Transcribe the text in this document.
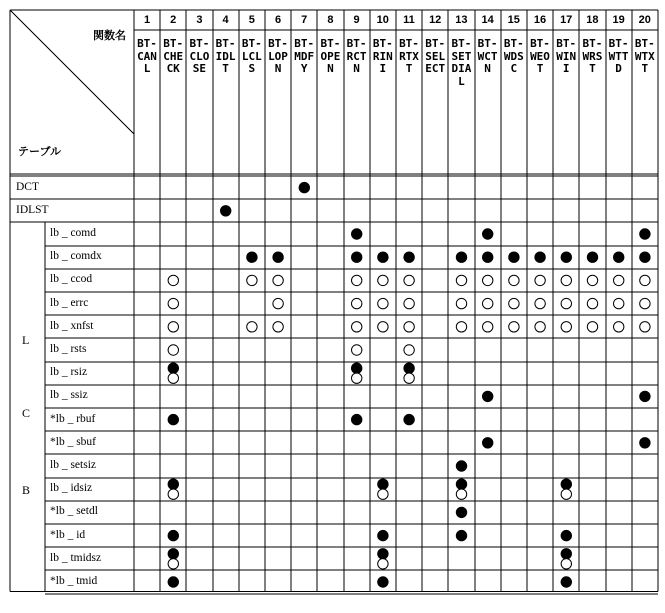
関数名
テーブル
L
C
B
1
BT-CANL
2
BT-CHECK
3
BT-CLOSE
4
BT-IDLT
5
BT-LCLS
6
BT-LOPN
7
BT-MDFY
8
BT-OPEN
9
BT-RCTN
10
BT-RINI
11
BT-RTXT
12
BT-SELECT
13
BT-SETDIAL
14
BT-WCTN
15
BT-WDSC
16
BT-WEOT
17
BT-WINI
18
BT-WRST
19
BT-WTTD
20
BT-WTXT
DCT
IDLST
lb _ comd
lb _ comdx
lb _ ccod
lb _ errc
lb _ xnfst
lb _ rsts
lb _ rsiz
lb _ ssiz
*lb _ rbuf
*lb _ sbuf
lb _ setsiz
lb _ idsiz
*lb _ setdl
*lb _ id
lb _ tmidsz
*lb _ tmid
